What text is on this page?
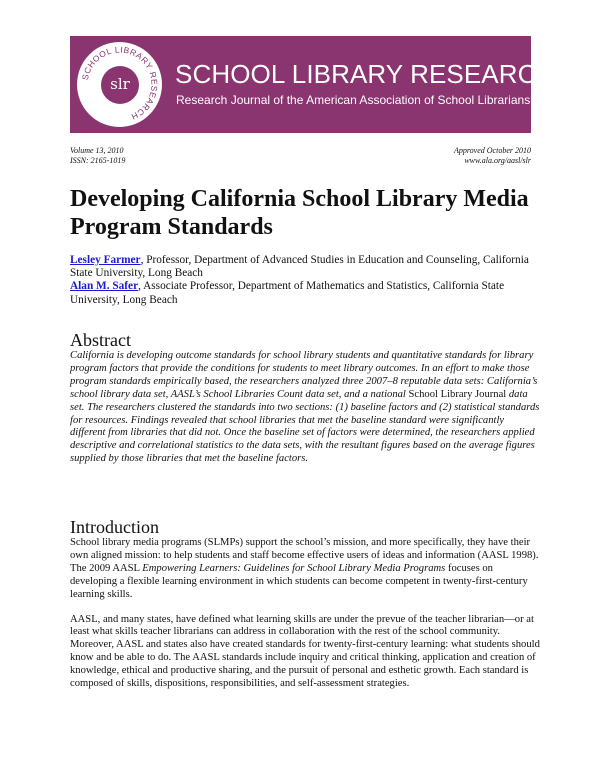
SCHOOL LIBRARY RESEARCH
slr	SCHOOL LIBRARY RESEARCH
Research Journal of the American Association of School Librarians
Volume 13, 2010
ISSN: 2165-1019
Approved October 2010
www.ala.org/aasl/slr
Developing California School Library Media Program Standards
Lesley Farmer, Professor, Department of Advanced Studies in Education and Counseling, California State University, Long Beach
Alan M. Safer, Associate Professor, Department of Mathematics and Statistics, California State University, Long Beach
Abstract

California is developing outcome standards for school library students and quantitative standards for library program factors that provide the conditions for students to meet library outcomes. In an effort to make those program standards empirically based, the researchers analyzed three 2007–8 reputable data sets: California’s school library data set, AASL’s School Libraries Count data set, and a national School Library Journal data set. The researchers clustered the standards into two sections: (1) baseline factors and (2) statistical standards for resources. Findings revealed that school libraries that met the baseline standard were significantly different from libraries that did not. Once the baseline set of factors were determined, the researchers applied descriptive and correlational statistics to the data sets, with the resultant figures based on the average figures supplied by those libraries that met the baseline factors.

Introduction

School library media programs (SLMPs) support the school’s mission, and more specifically, they have their own aligned mission: to help students and staff become effective users of ideas and information (AASL 1998). The 2009 AASL Empowering Learners: Guidelines for School Library Media Programs focuses on developing a flexible learning environment in which students can become competent in twenty-first-century learning skills.

AASL, and many states, have defined what learning skills are under the prevue of the teacher librarian—or at least what skills teacher librarians can address in collaboration with the rest of the school community. Moreover, AASL and states also have created standards for twenty-first-century learning: what students should know and be able to do. The AASL standards include inquiry and critical thinking, application and creation of knowledge, ethical and productive sharing, and the pursuit of personal and esthetic growth. Each standard is composed of skills, dispositions, responsibilities, and self-assessment strategies.
